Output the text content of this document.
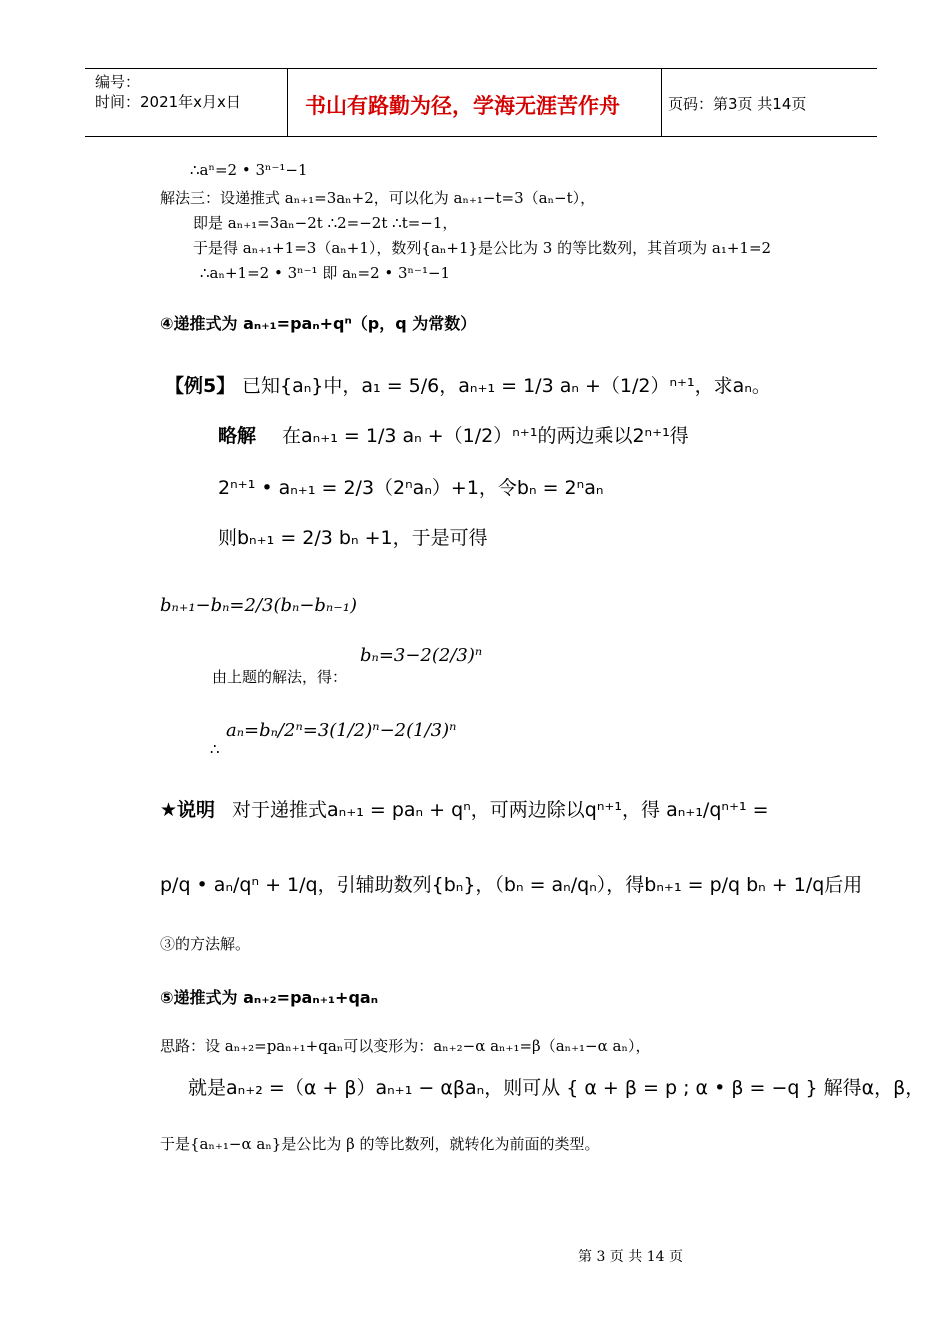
编号：
时间：2021年x月x日	书山有路勤为径，学海无涯苦作舟	页码：第3页 共14页
∴aⁿ=2 • 3ⁿ⁻¹−1
解法三：设递推式 aₙ₊₁=3aₙ+2，可以化为 aₙ₊₁−t=3（aₙ−t），
即是 aₙ₊₁=3aₙ−2t ∴2=−2t ∴t=−1，
于是得 aₙ₊₁+1=3（aₙ+1），数列{aₙ+1}是公比为 3 的等比数列，其首项为 a₁+1=2
∴aₙ+1=2 • 3ⁿ⁻¹ 即 aₙ=2 • 3ⁿ⁻¹−1
④递推式为 aₙ₊₁=paₙ+qⁿ（p，q 为常数）
【例5】 已知{aₙ}中，a₁ = 5/6，aₙ₊₁ = 1/3 aₙ +（1/2）ⁿ⁺¹，求aₙ。
略解 在aₙ₊₁ = 1/3 aₙ +（1/2）ⁿ⁺¹的两边乘以2ⁿ⁺¹得
2ⁿ⁺¹ • aₙ₊₁ = 2/3（2ⁿaₙ）+1，令bₙ = 2ⁿaₙ
则bₙ₊₁ = 2/3 bₙ +1，于是可得
bₙ₊₁−bₙ=2/3(bₙ−bₙ₋₁)
bₙ=3−2(2/3)ⁿ
由上题的解法，得：
∴
aₙ=bₙ/2ⁿ=3(1/2)ⁿ−2(1/3)ⁿ
★说明 对于递推式aₙ₊₁ = paₙ + qⁿ，可两边除以qⁿ⁺¹，得 aₙ₊₁/qⁿ⁺¹ =
p/q • aₙ/qⁿ + 1/q，引辅助数列{bₙ}，（bₙ = aₙ/qₙ），得bₙ₊₁ = p/q bₙ + 1/q后用
③的方法解。
⑤递推式为 aₙ₊₂=paₙ₊₁+qaₙ
思路：设 aₙ₊₂=paₙ₊₁+qaₙ可以变形为：aₙ₊₂−α aₙ₊₁=β（aₙ₊₁−α aₙ），
就是aₙ₊₂ =（α + β）aₙ₊₁ − αβaₙ，则可从 { α + β = p ; α • β = −q } 解得α，β，
于是{aₙ₊₁−α aₙ}是公比为 β 的等比数列，就转化为前面的类型。
第 3 页 共 14 页
